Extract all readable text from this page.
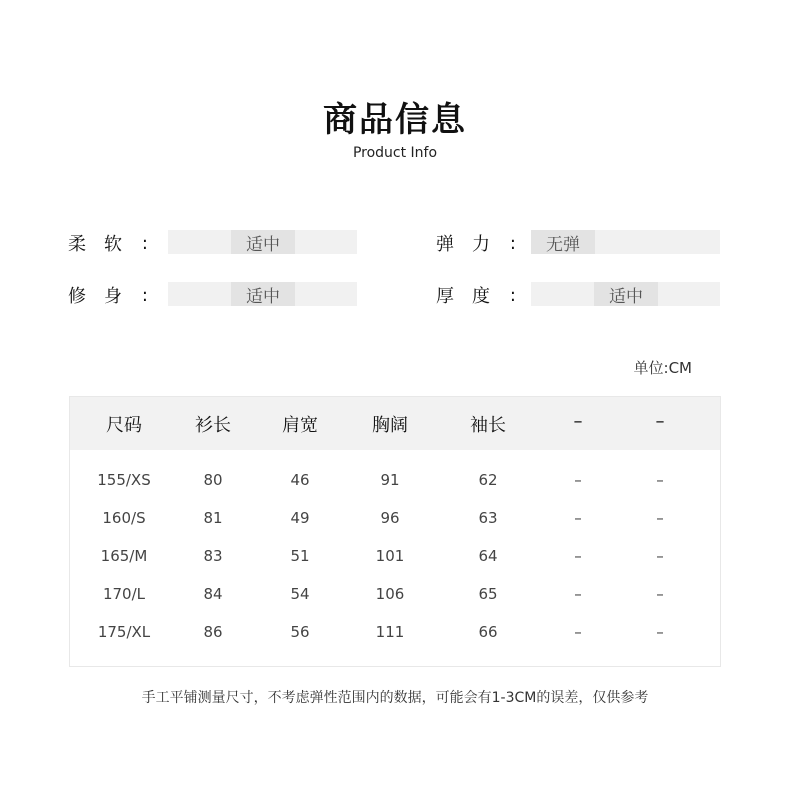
商品信息
Product Info
柔 软 :	适中	弹 力 :	无弹
修 身 :	适中	厚 度 :	适中
单位:CM
尺码	衫长	肩宽	胸阔	袖长	–	–
155/XS	80	46	91	62	–	–
160/S	81	49	96	63	–	–
165/M	83	51	101	64	–	–
170/L	84	54	106	65	–	–
175/XL	86	56	111	66	–	–
手工平铺测量尺寸，不考虑弹性范围内的数据，可能会有1-3CM的误差，仅供参考
